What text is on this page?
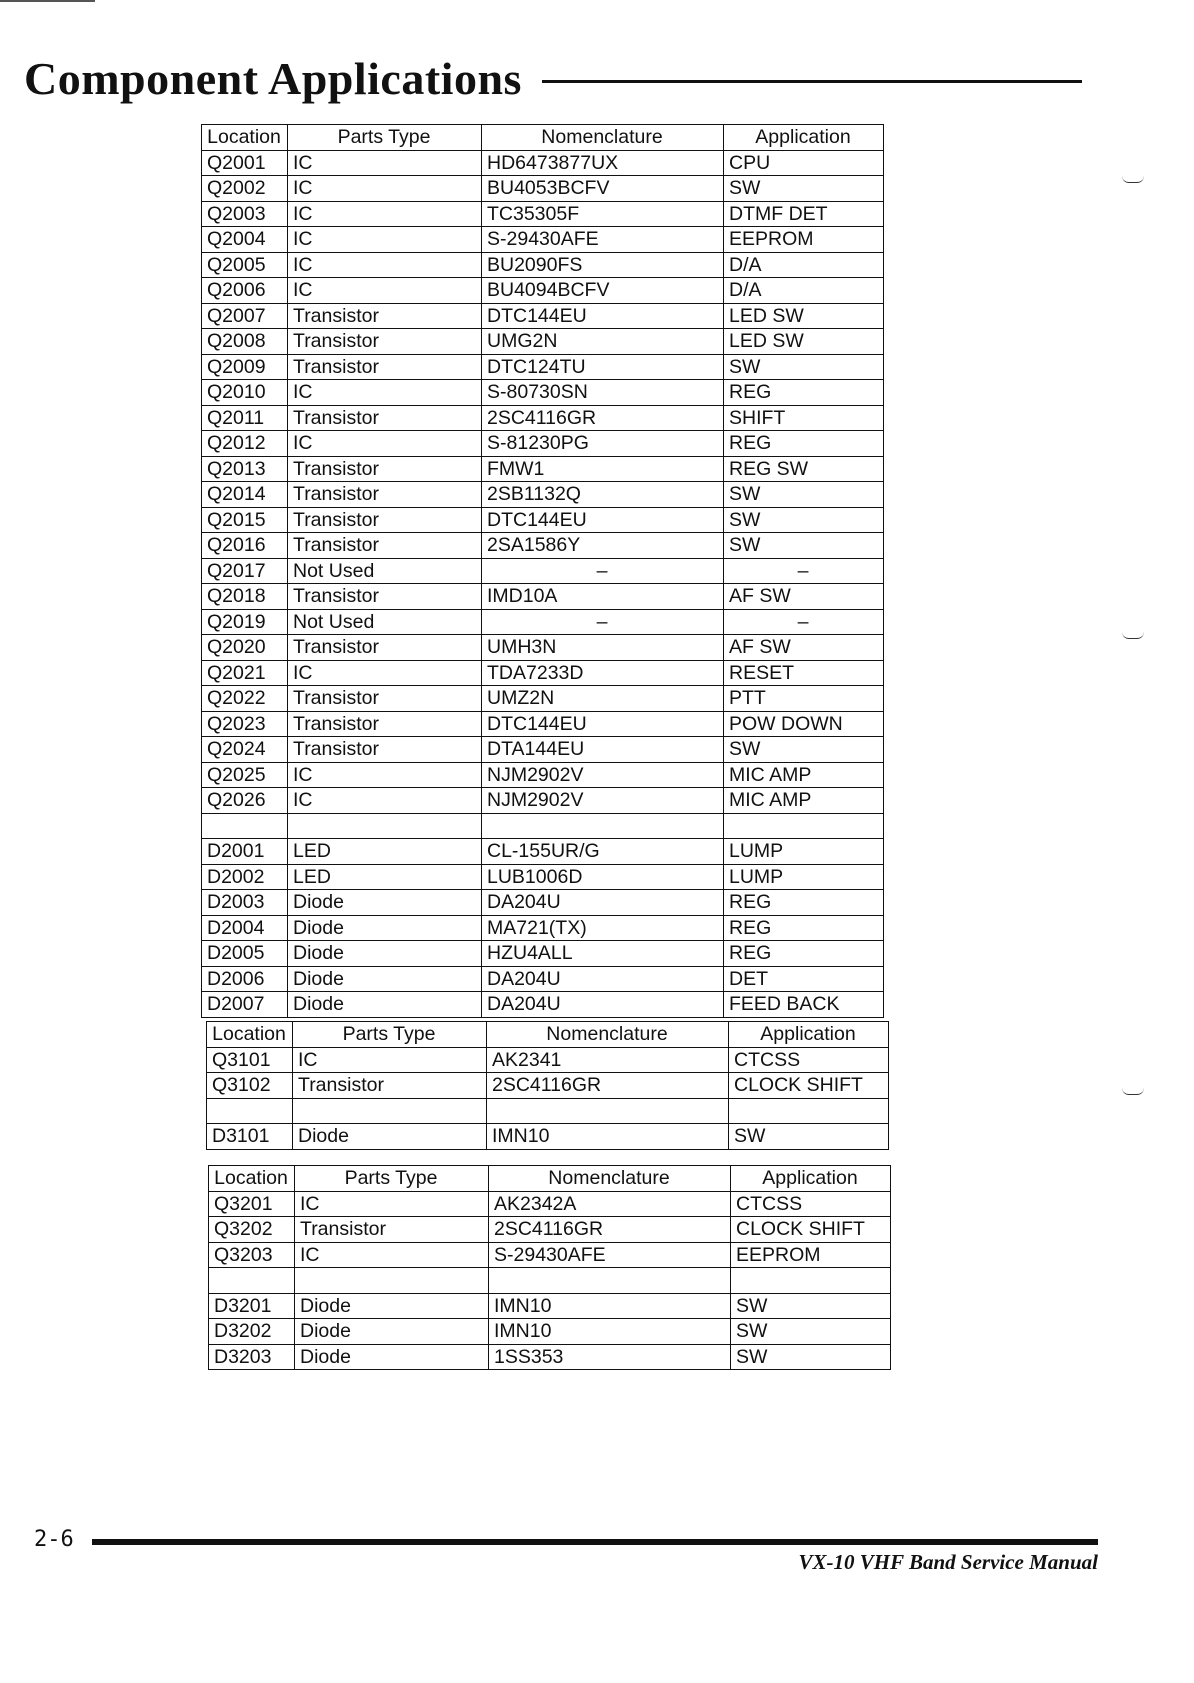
Component Applications
Location	Parts Type	Nomenclature	Application
Q2001	IC	HD6473877UX	CPU
Q2002	IC	BU4053BCFV	SW
Q2003	IC	TC35305F	DTMF DET
Q2004	IC	S-29430AFE	EEPROM
Q2005	IC	BU2090FS	D/A
Q2006	IC	BU4094BCFV	D/A
Q2007	Transistor	DTC144EU	LED SW
Q2008	Transistor	UMG2N	LED SW
Q2009	Transistor	DTC124TU	SW
Q2010	IC	S-80730SN	REG
Q2011	Transistor	2SC4116GR	SHIFT
Q2012	IC	S-81230PG	REG
Q2013	Transistor	FMW1	REG SW
Q2014	Transistor	2SB1132Q	SW
Q2015	Transistor	DTC144EU	SW
Q2016	Transistor	2SA1586Y	SW
Q2017	Not Used	–	–
Q2018	Transistor	IMD10A	AF SW
Q2019	Not Used	–	–
Q2020	Transistor	UMH3N	AF SW
Q2021	IC	TDA7233D	RESET
Q2022	Transistor	UMZ2N	PTT
Q2023	Transistor	DTC144EU	POW DOWN
Q2024	Transistor	DTA144EU	SW
Q2025	IC	NJM2902V	MIC AMP
Q2026	IC	NJM2902V	MIC AMP

D2001	LED	CL-155UR/G	LUMP
D2002	LED	LUB1006D	LUMP
D2003	Diode	DA204U	REG
D2004	Diode	MA721(TX)	REG
D2005	Diode	HZU4ALL	REG
D2006	Diode	DA204U	DET
D2007	Diode	DA204U	FEED BACK
Location	Parts Type	Nomenclature	Application
Q3101	IC	AK2341	CTCSS
Q3102	Transistor	2SC4116GR	CLOCK SHIFT

D3101	Diode	IMN10	SW
Location	Parts Type	Nomenclature	Application
Q3201	IC	AK2342A	CTCSS
Q3202	Transistor	2SC4116GR	CLOCK SHIFT
Q3203	IC	S-29430AFE	EEPROM

D3201	Diode	IMN10	SW
D3202	Diode	IMN10	SW
D3203	Diode	1SS353	SW
2-6
VX-10 VHF Band Service Manual
